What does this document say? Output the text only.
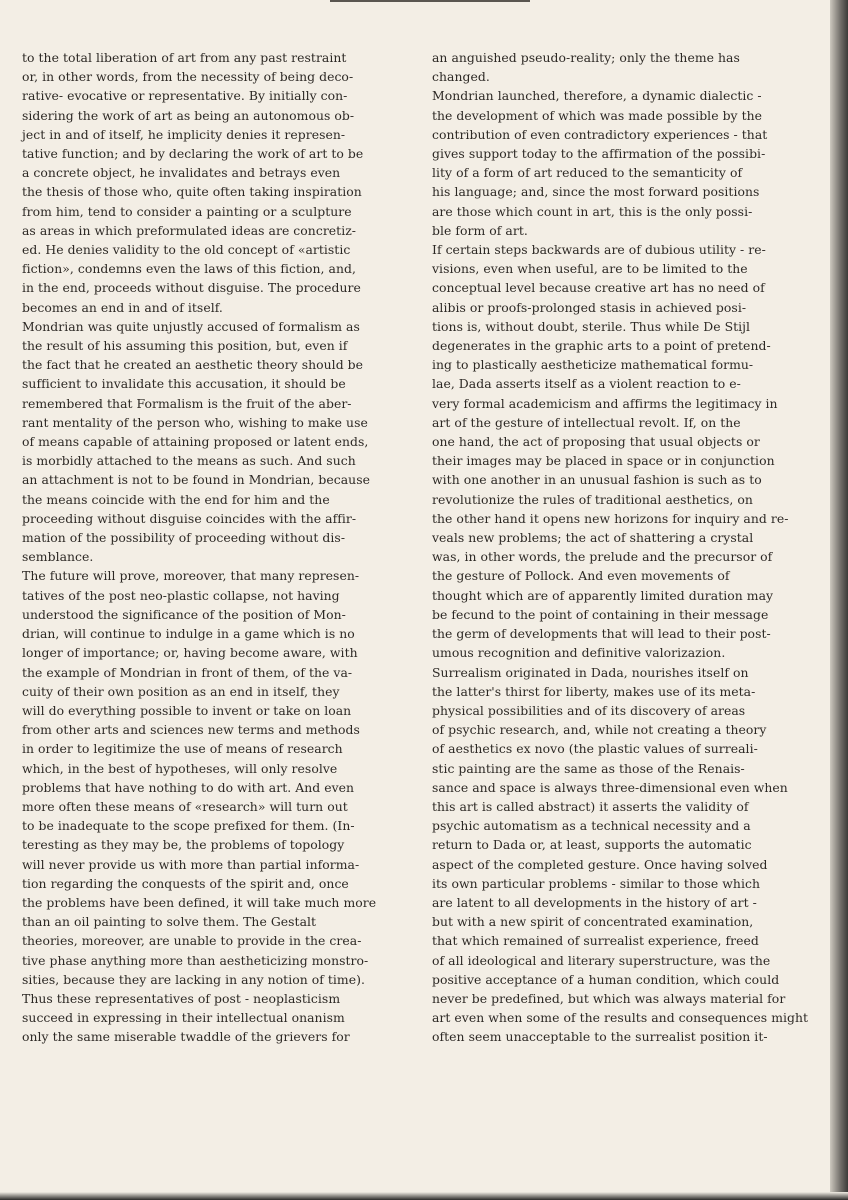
to the total liberation of art from any past restraint

or, in other words, from the necessity of being deco-

rative- evocative or representative. By initially con-

sidering the work of art as being an autonomous ob-

ject in and of itself, he implicity denies it represen-

tative function; and by declaring the work of art to be

a concrete object, he invalidates and betrays even

the thesis of those who, quite often taking inspiration

from him, tend to consider a painting or a sculpture

as areas in which preformulated ideas are concretiz-

ed. He denies validity to the old concept of «artistic

fiction», condemns even the laws of this fiction, and,

in the end, proceeds without disguise. The procedure

becomes an end in and of itself.

Mondrian was quite unjustly accused of formalism as

the result of his assuming this position, but, even if

the fact that he created an aesthetic theory should be

sufficient to invalidate this accusation, it should be

remembered that Formalism is the fruit of the aber-

rant mentality of the person who, wishing to make use

of means capable of attaining proposed or latent ends,

is morbidly attached to the means as such. And such

an attachment is not to be found in Mondrian, because

the means coincide with the end for him and the

proceeding without disguise coincides with the affir-

mation of the possibility of proceeding without dis-

semblance.

The future will prove, moreover, that many represen-

tatives of the post neo-plastic collapse, not having

understood the significance of the position of Mon-

drian, will continue to indulge in a game which is no

longer of importance; or, having become aware, with

the example of Mondrian in front of them, of the va-

cuity of their own position as an end in itself, they

will do everything possible to invent or take on loan

from other arts and sciences new terms and methods

in order to legitimize the use of means of research

which, in the best of hypotheses, will only resolve

problems that have nothing to do with art. And even

more often these means of «research» will turn out

to be inadequate to the scope prefixed for them. (In-

teresting as they may be, the problems of topology

will never provide us with more than partial informa-

tion regarding the conquests of the spirit and, once

the problems have been defined, it will take much more

than an oil painting to solve them. The Gestalt

theories, moreover, are unable to provide in the crea-

tive phase anything more than aestheticizing monstro-

sities, because they are lacking in any notion of time).

Thus these representatives of post - neoplasticism

succeed in expressing in their intellectual onanism

only the same miserable twaddle of the grievers for

an anguished pseudo-reality; only the theme has

changed.

Mondrian launched, therefore, a dynamic dialectic -

the development of which was made possible by the

contribution of even contradictory experiences - that

gives support today to the affirmation of the possibi-

lity of a form of art reduced to the semanticity of

his language; and, since the most forward positions

are those which count in art, this is the only possi-

ble form of art.

If certain steps backwards are of dubious utility - re-

visions, even when useful, are to be limited to the

conceptual level because creative art has no need of

alibis or proofs-prolonged stasis in achieved posi-

tions is, without doubt, sterile. Thus while De Stijl

degenerates in the graphic arts to a point of pretend-

ing to plastically aestheticize mathematical formu-

lae, Dada asserts itself as a violent reaction to e-

very formal academicism and affirms the legitimacy in

art of the gesture of intellectual revolt. If, on the

one hand, the act of proposing that usual objects or

their images may be placed in space or in conjunction

with one another in an unusual fashion is such as to

revolutionize the rules of traditional aesthetics, on

the other hand it opens new horizons for inquiry and re-

veals new problems; the act of shattering a crystal

was, in other words, the prelude and the precursor of

the gesture of Pollock. And even movements of

thought which are of apparently limited duration may

be fecund to the point of containing in their message

the germ of developments that will lead to their post-

umous recognition and definitive valorizazion.

Surrealism originated in Dada, nourishes itself on

the latter's thirst for liberty, makes use of its meta-

physical possibilities and of its discovery of areas

of psychic research, and, while not creating a theory

of aesthetics ex novo (the plastic values of surreali-

stic painting are the same as those of the Renais-

sance and space is always three-dimensional even when

this art is called abstract) it asserts the validity of

psychic automatism as a technical necessity and a

return to Dada or, at least, supports the automatic

aspect of the completed gesture. Once having solved

its own particular problems - similar to those which

are latent to all developments in the history of art -

but with a new spirit of concentrated examination,

that which remained of surrealist experience, freed

of all ideological and literary superstructure, was the

positive acceptance of a human condition, which could

never be predefined, but which was always material for

art even when some of the results and consequences might

often seem unacceptable to the surrealist position it-
